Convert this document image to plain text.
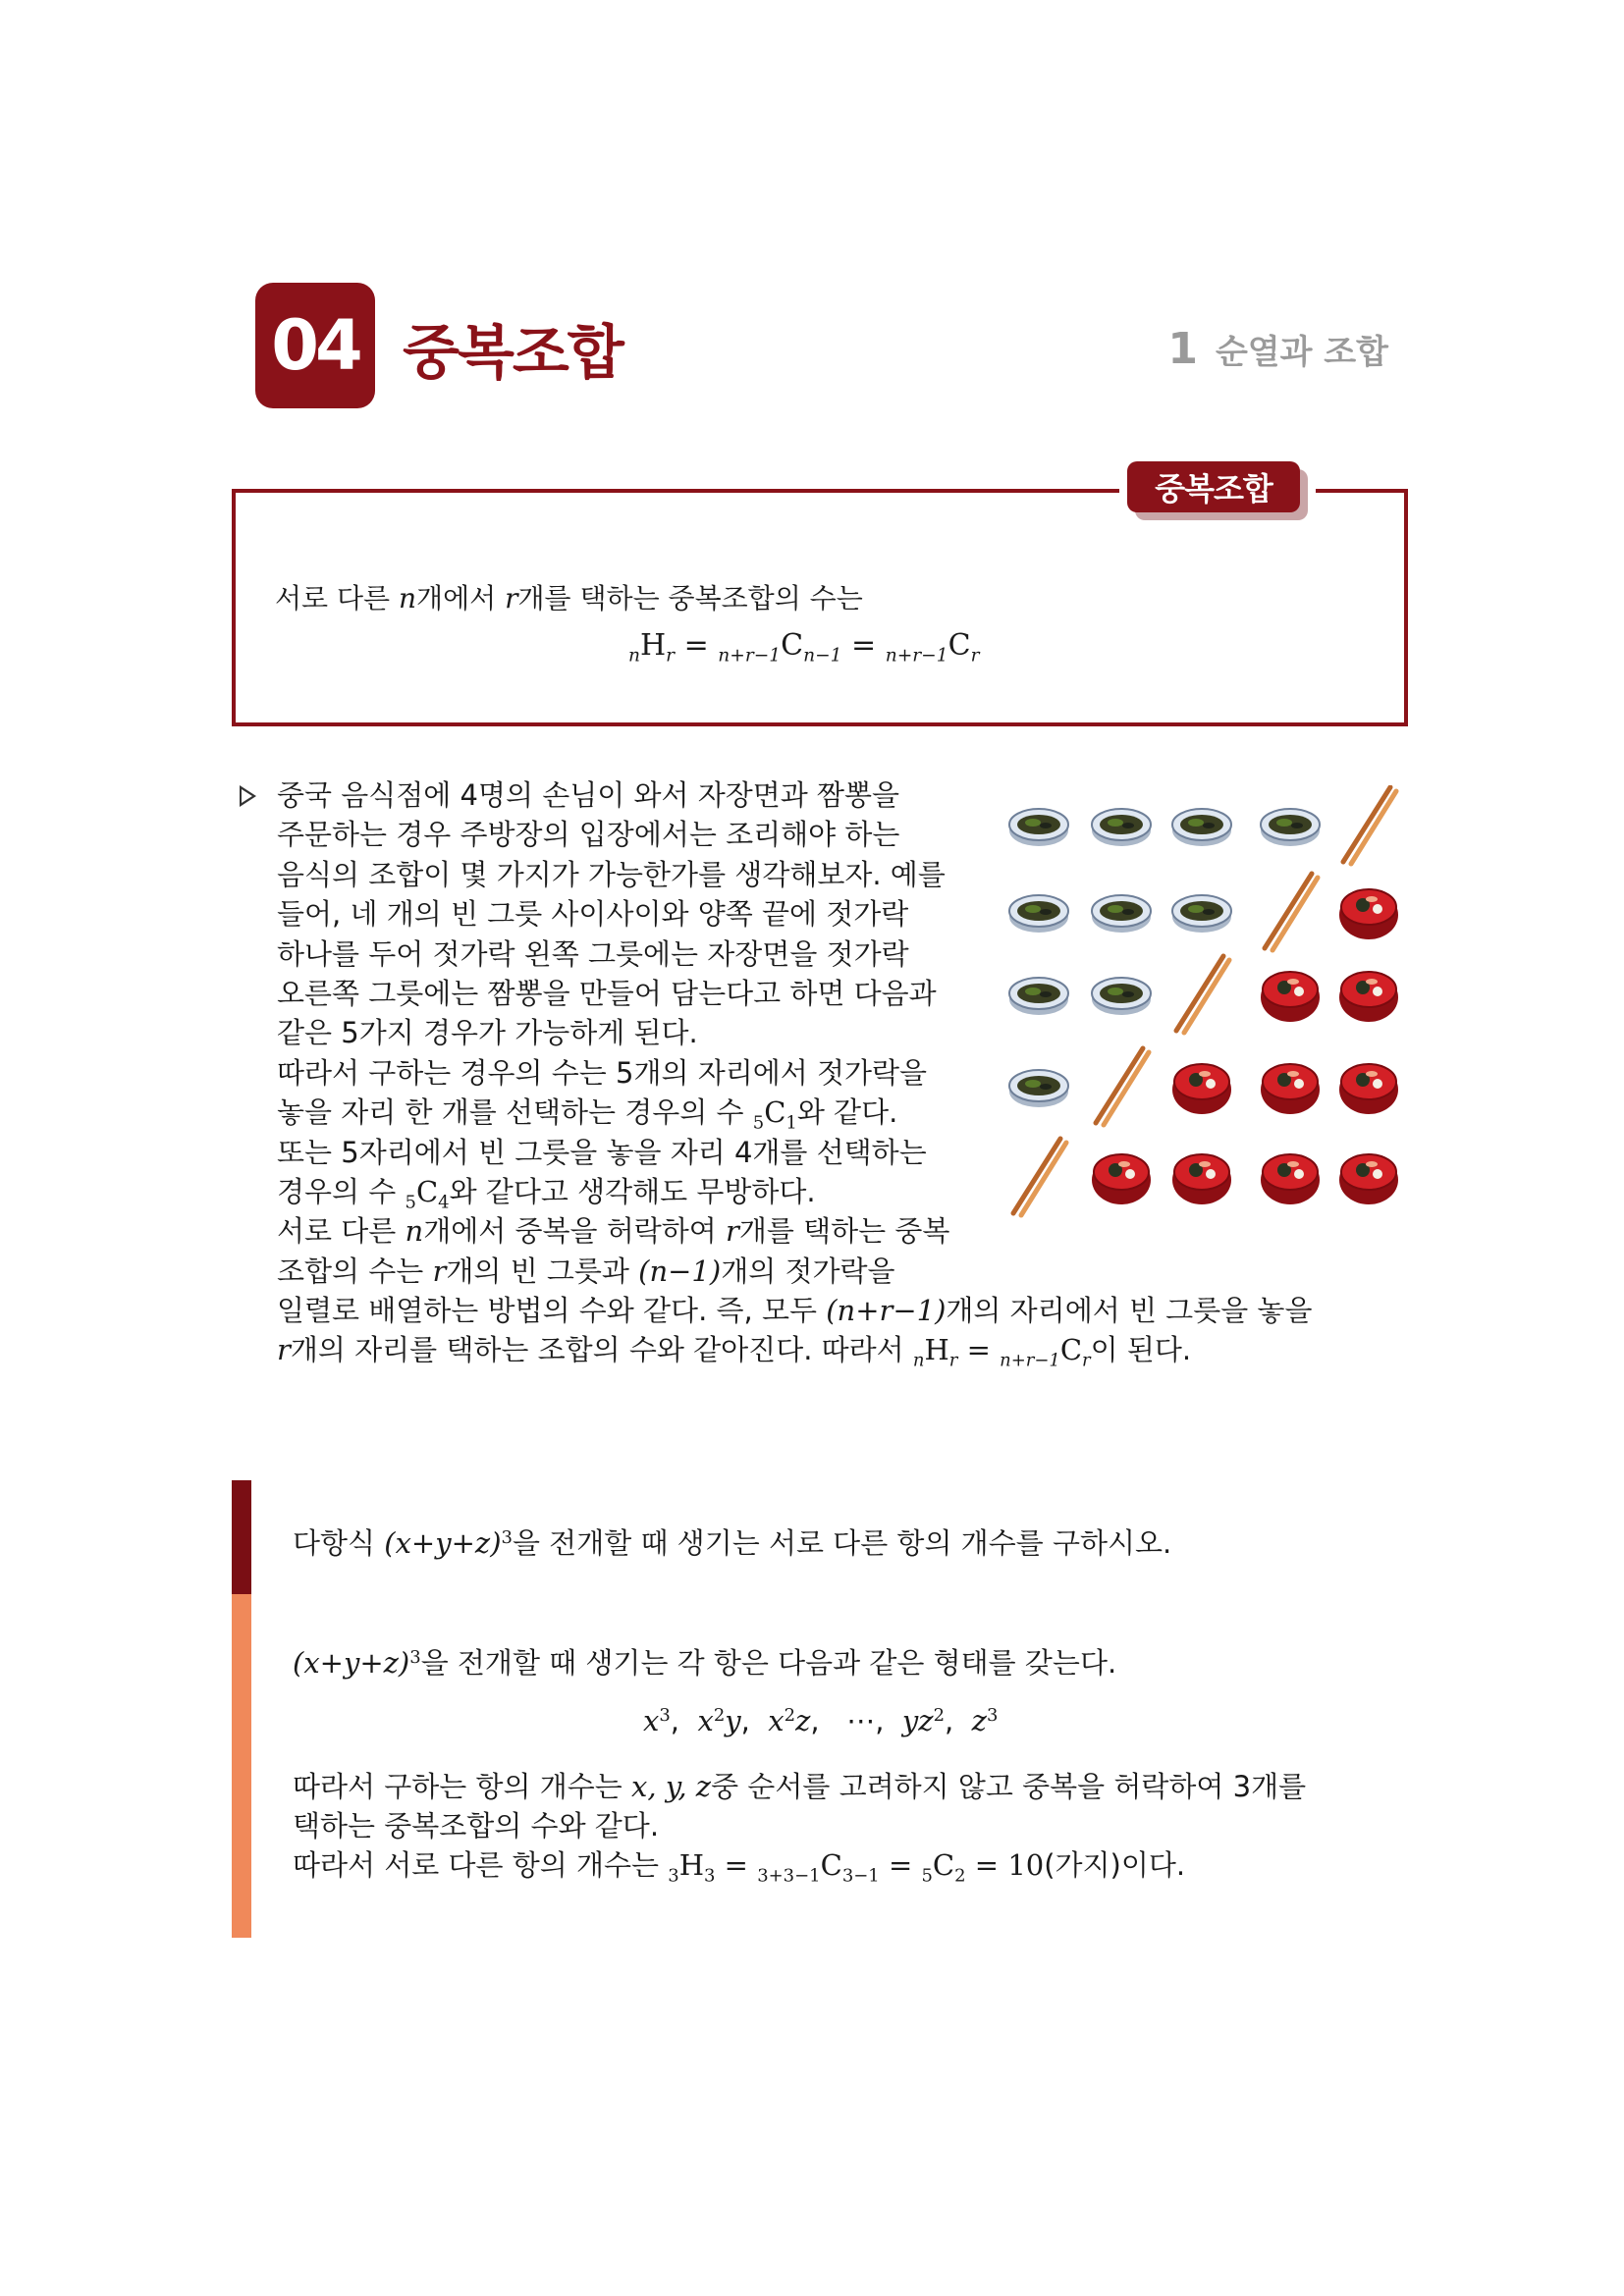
04 중복조합	1 순열과 조합
중복조합
서로 다른 n개에서 r개를 택하는 중복조합의 수는
$_nH_r = _{n+r-1}C_{n-1} = _{n+r-1}C_r$
중국 음식점에 4명의 손님이 와서 자장면과 짬뽕을
주문하는 경우 주방장의 입장에서는 조리해야 하는
음식의 조합이 몇 가지가 가능한가를 생각해보자. 예를
들어, 네 개의 빈 그릇 사이사이와 양쪽 끝에 젓가락
하나를 두어 젓가락 왼쪽 그릇에는 자장면을 젓가락
오른쪽 그릇에는 짬뽕을 만들어 담는다고 하면 다음과
같은 5가지 경우가 가능하게 된다.
따라서 구하는 경우의 수는 5개의 자리에서 젓가락을
놓을 자리 한 개를 선택하는 경우의 수 $_5C_1$와 같다.
또는 5자리에서 빈 그릇을 놓을 자리 4개를 선택하는
경우의 수 $_5C_4$와 같다고 생각해도 무방하다.
서로 다른 n개에서 중복을 허락하여 r개를 택하는 중복
조합의 수는 r개의 빈 그릇과 (n−1)개의 젓가락을
일렬로 배열하는 방법의 수와 같다. 즉, 모두 (n+r−1)개의 자리에서 빈 그릇을 놓을
r개의 자리를 택하는 조합의 수와 같아진다. 따라서 $_nH_r = _{n+r-1}C_r$이 된다.
다항식 $(x+y+z)^3$을 전개할 때 생기는 서로 다른 항의 개수를 구하시오.
$(x+y+z)^3$을 전개할 때 생기는 각 항은 다음과 같은 형태를 갖는다.
$x^3$,  $x^2y$,  $x^2z$,   ⋯,  $yz^2$,  $z^3$
따라서 구하는 항의 개수는 x, y, z중 순서를 고려하지 않고 중복을 허락하여 3개를
택하는 중복조합의 수와 같다.
따라서 서로 다른 항의 개수는 $_3H_3 = _{3+3-1}C_{3-1} = _5C_2 = 10$(가지)이다.
